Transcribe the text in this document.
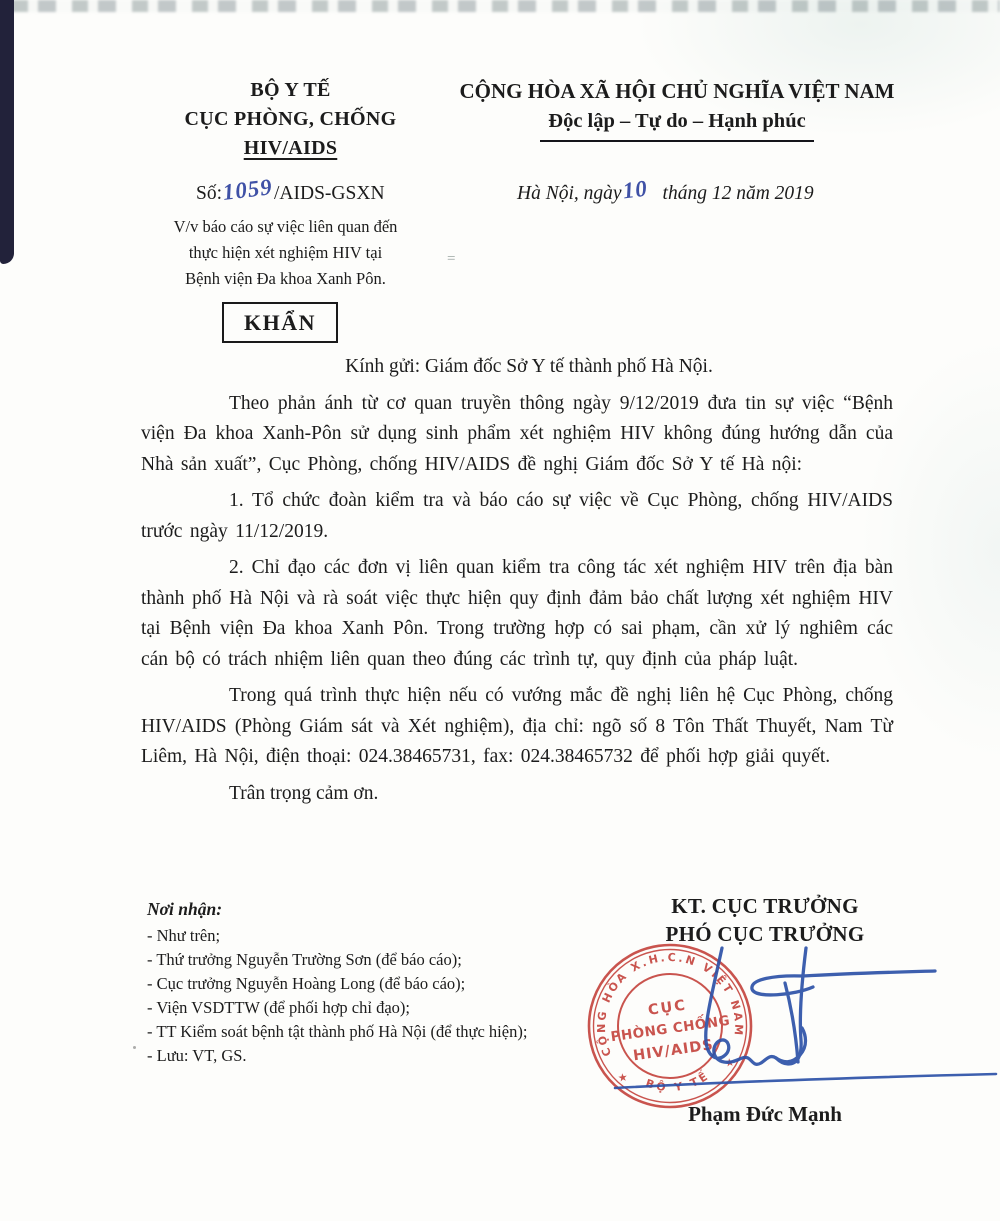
BỘ Y TẾ
CỤC PHÒNG, CHỐNG
HIV/AIDS
CỘNG HÒA XÃ HỘI CHỦ NGHĨA VIỆT NAM
Độc lập – Tự do – Hạnh phúc
Số:1059/AIDS-GSXN	Hà Nội, ngày10 tháng 12 năm 2019
V/v báo cáo sự việc liên quan đến
thực hiện xét nghiệm HIV tại
Bệnh viện Đa khoa Xanh Pôn.
=
KHẨN
Kính gửi: Giám đốc Sở Y tế thành phố Hà Nội.

Theo phản ánh từ cơ quan truyền thông ngày 9/12/2019 đưa tin sự việc “Bệnh viện Đa khoa Xanh-Pôn sử dụng sinh phẩm xét nghiệm HIV không đúng hướng dẫn của Nhà sản xuất”, Cục Phòng, chống HIV/AIDS đề nghị Giám đốc Sở Y tế Hà nội:

1. Tổ chức đoàn kiểm tra và báo cáo sự việc về Cục Phòng, chống HIV/AIDS trước ngày 11/12/2019.

2. Chỉ đạo các đơn vị liên quan kiểm tra công tác xét nghiệm HIV trên địa bàn thành phố Hà Nội và rà soát việc thực hiện quy định đảm bảo chất lượng xét nghiệm HIV tại Bệnh viện Đa khoa Xanh Pôn. Trong trường hợp có sai phạm, cần xử lý nghiêm các cán bộ có trách nhiệm liên quan theo đúng các trình tự, quy định của pháp luật.

Trong quá trình thực hiện nếu có vướng mắc đề nghị liên hệ Cục Phòng, chống HIV/AIDS (Phòng Giám sát và Xét nghiệm), địa chỉ: ngõ số 8 Tôn Thất Thuyết, Nam Từ Liêm, Hà Nội, điện thoại: 024.38465731, fax: 024.38465732 để phối hợp giải quyết.

Trân trọng cảm ơn.

Nơi nhận:
- Như trên;
- Thứ trưởng Nguyễn Trường Sơn (để báo cáo);
- Cục trưởng Nguyễn Hoàng Long (để báo cáo);
- Viện VSDTTW (để phối hợp chỉ đạo);
- TT Kiểm soát bệnh tật thành phố Hà Nội (để thực hiện);
- Lưu: VT, GS.
KT. CỤC TRƯỞNG
PHÓ CỤC TRƯỞNG
CỘNG HÒA X.H.C.N VIỆT NAM
BỘ Y TẾ
★
★
CỤC
PHÒNG CHỐNG
HIV/AIDS
Phạm Đức Mạnh
